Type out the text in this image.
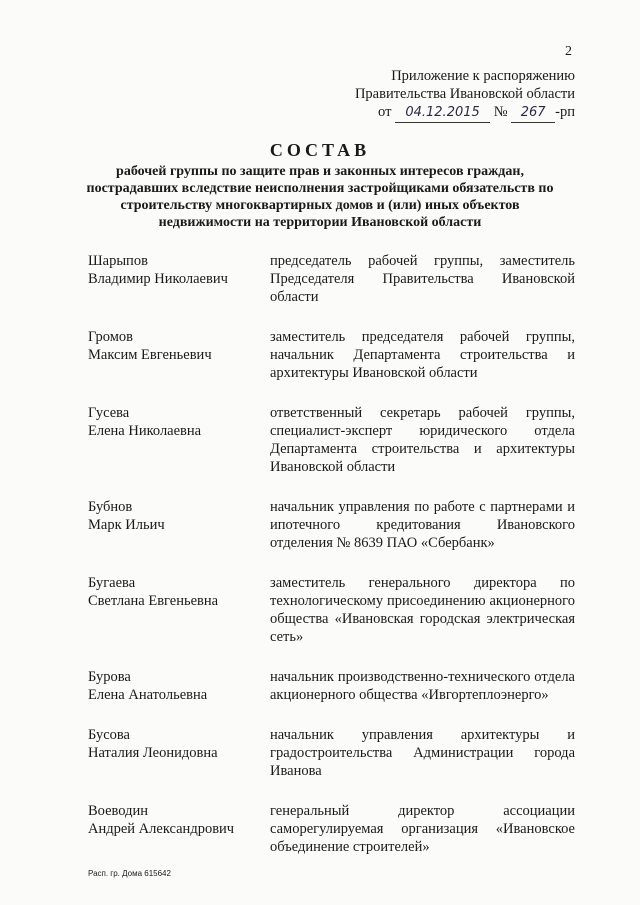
2
Приложение к распоряжению
Правительства Ивановской области
от 04.12.2015 № 267 -рп
СОСТАВ
рабочей группы по защите прав и законных интересов граждан, пострадавших вследствие неисполнения застройщиками обязательств по строительству многоквартирных домов и (или) иных объектов недвижимости на территории Ивановской области
Шарыпов
Владимир Николаевич
председатель рабочей группы, заместитель Председателя Правительства Ивановской области
Громов
Максим Евгеньевич
заместитель председателя рабочей группы, начальник Департамента строительства и архитектуры Ивановской области
Гусева
Елена Николаевна
ответственный секретарь рабочей группы, специалист-эксперт юридического отдела Департамента строительства и архитектуры Ивановской области
Бубнов
Марк Ильич
начальник управления по работе с партнерами и ипотечного кредитования Ивановского отделения № 8639 ПАО «Сбербанк»
Бугаева
Светлана Евгеньевна
заместитель генерального директора по технологическому присоединению акционерного общества «Ивановская городская электрическая сеть»
Бурова
Елена Анатольевна
начальник производственно-технического отдела акционерного общества «Ивгортеплоэнерго»
Бусова
Наталия Леонидовна
начальник управления архитектуры и градостроительства Администрации города Иванова
Воеводин
Андрей Александрович
генеральный директор ассоциации саморегулируемая организация «Ивановское объединение строителей»
Расп. гр. Дома 615642
